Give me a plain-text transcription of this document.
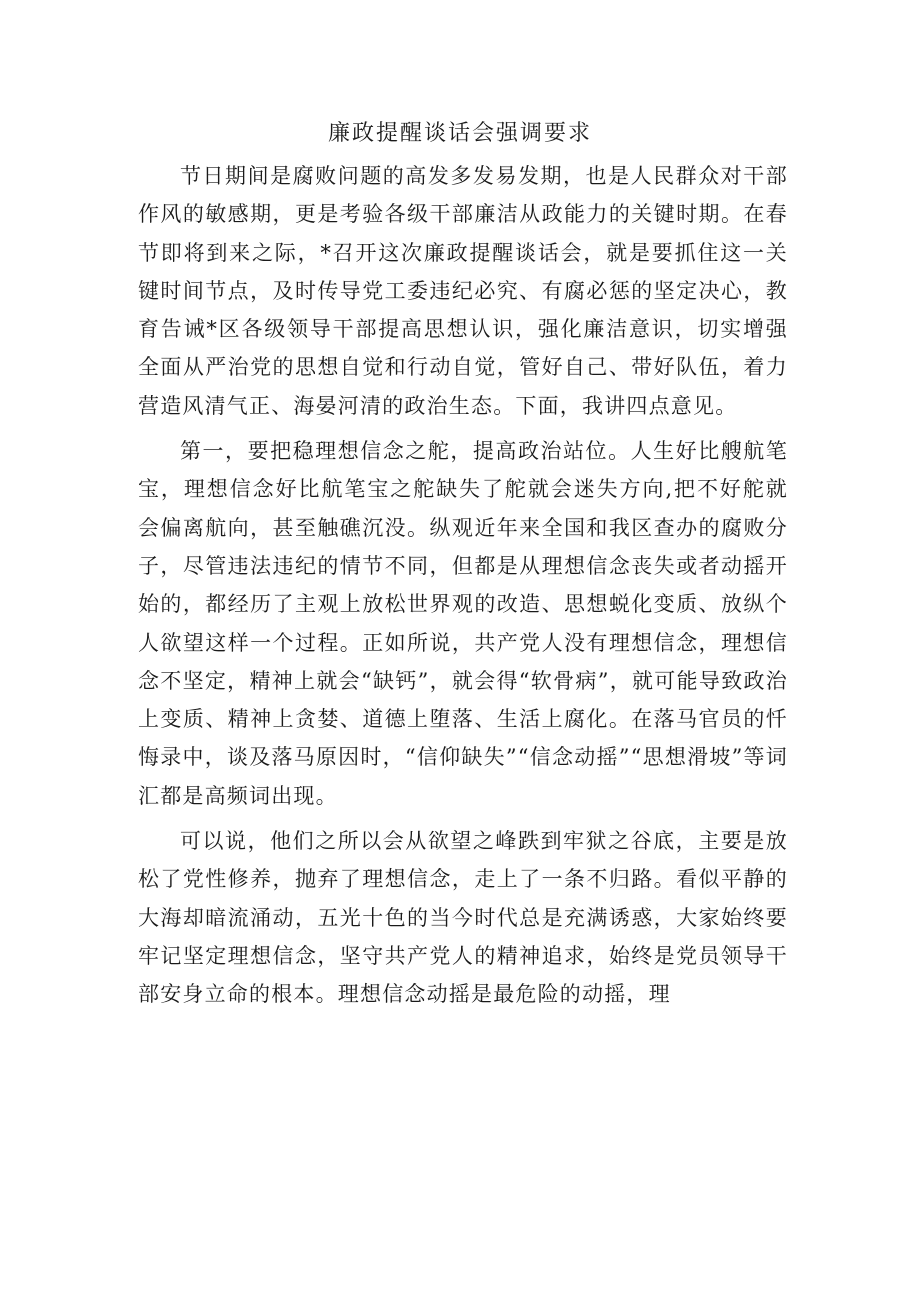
廉政提醒谈话会强调要求

节日期间是腐败问题的高发多发易发期，也是人民群众对干部作风的敏感期，更是考验各级干部廉洁从政能力的关键时期。在春节即将到来之际，*召开这次廉政提醒谈话会，就是要抓住这一关键时间节点，及时传导党工委违纪必究、有腐必惩的坚定决心，教育告诫*区各级领导干部提高思想认识，强化廉洁意识，切实增强全面从严治党的思想自觉和行动自觉，管好自己、带好队伍，着力营造风清气正、海晏河清的政治生态。下面，我讲四点意见。

第一，要把稳理想信念之舵，提高政治站位。人生好比艘航笔宝，理想信念好比航笔宝之舵缺失了舵就会迷失方向,把不好舵就会偏离航向，甚至触礁沉没。纵观近年来全国和我区查办的腐败分子，尽管违法违纪的情节不同，但都是从理想信念丧失或者动摇开始的，都经历了主观上放松世界观的改造、思想蜕化变质、放纵个人欲望这样一个过程。正如所说，共产党人没有理想信念，理想信念不坚定，精神上就会“缺钙”，就会得“软骨病”，就可能导致政治上变质、精神上贪婪、道德上堕落、生活上腐化。在落马官员的忏悔录中，谈及落马原因时，“信仰缺失”“信念动摇”“思想滑坡”等词汇都是高频词出现。

可以说，他们之所以会从欲望之峰跌到牢狱之谷底，主要是放松了党性修养，抛弃了理想信念，走上了一条不归路。看似平静的大海却暗流涌动，五光十色的当今时代总是充满诱惑，大家始终要牢记坚定理想信念，坚守共产党人的精神追求，始终是党员领导干部安身立命的根本。理想信念动摇是最危险的动摇，理
